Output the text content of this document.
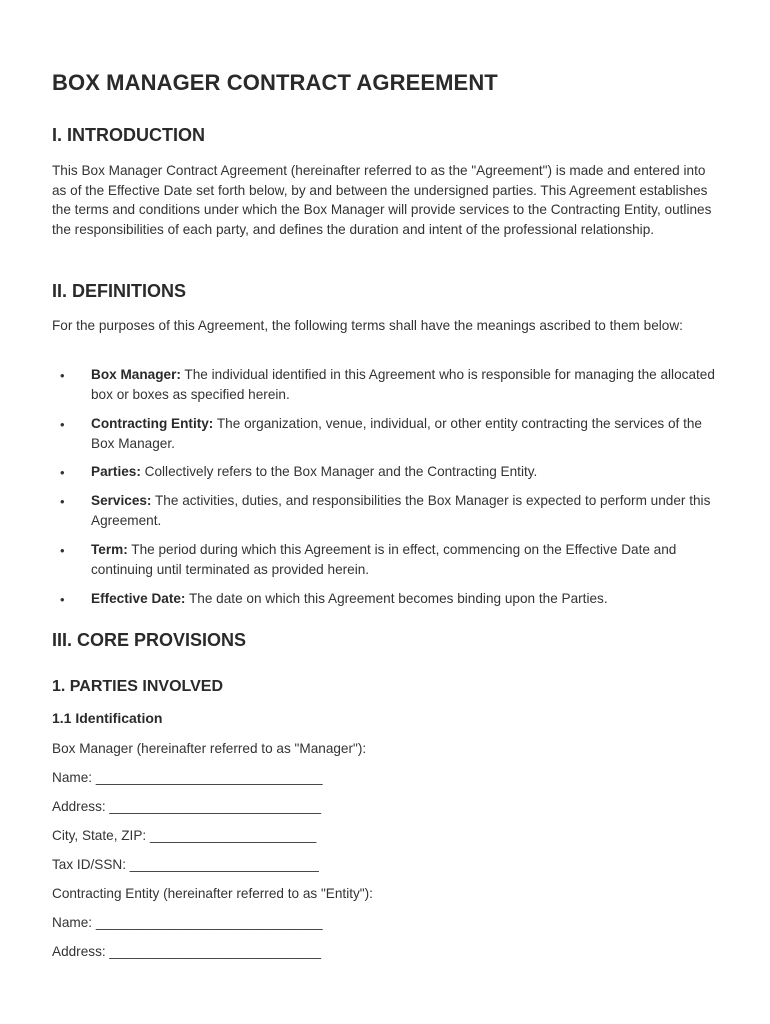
BOX MANAGER CONTRACT AGREEMENT
I. INTRODUCTION

This Box Manager Contract Agreement (hereinafter referred to as the "Agreement") is made and entered into as of the Effective Date set forth below, by and between the undersigned parties. This Agreement establishes the terms and conditions under which the Box Manager will provide services to the Contracting Entity, outlines the responsibilities of each party, and defines the duration and intent of the professional relationship.

II. DEFINITIONS

For the purposes of this Agreement, the following terms shall have the meanings ascribed to them below:

• Box Manager: The individual identified in this Agreement who is responsible for managing the allocated box or boxes as specified herein.
• Contracting Entity: The organization, venue, individual, or other entity contracting the services of the Box Manager.
• Parties: Collectively refers to the Box Manager and the Contracting Entity.
• Services: The activities, duties, and responsibilities the Box Manager is expected to perform under this Agreement.
• Term: The period during which this Agreement is in effect, commencing on the Effective Date and continuing until terminated as provided herein.
• Effective Date: The date on which this Agreement becomes binding upon the Parties.
III. CORE PROVISIONS
1. PARTIES INVOLVED
1.1 Identification

Box Manager (hereinafter referred to as "Manager"):

Name: ______________________________

Address: ____________________________

City, State, ZIP: ______________________

Tax ID/SSN: _________________________

Contracting Entity (hereinafter referred to as "Entity"):

Name: ______________________________

Address: ____________________________
